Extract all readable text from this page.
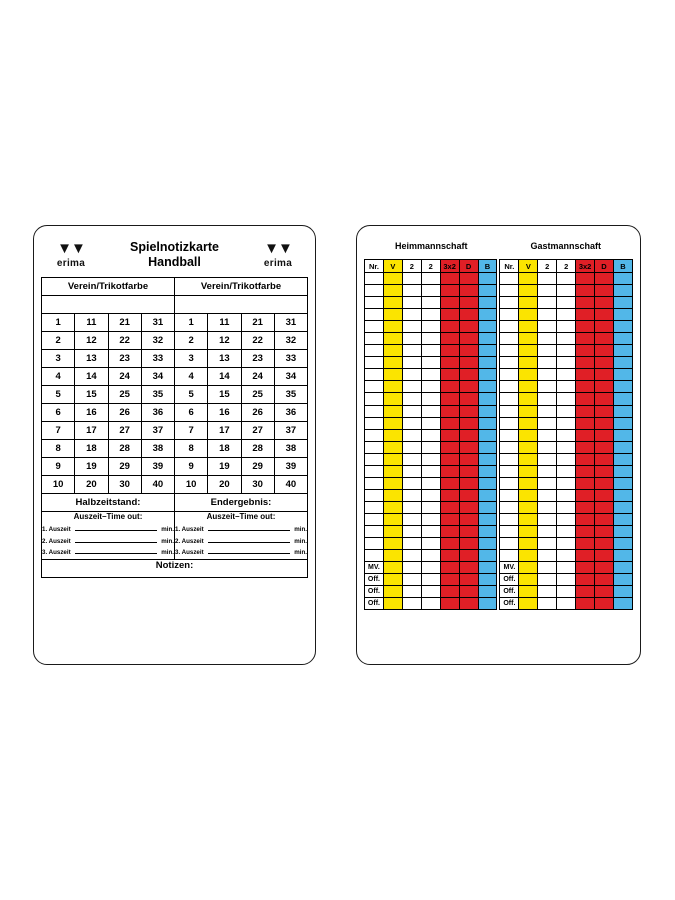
▼▼
erima
Spielnotizkarte
Handball
▼▼
erima
Verein/Trikotfarbe				Verein/Trikotfarbe			

1	11	21	31	1	11	21	31
2	12	22	32	2	12	22	32
3	13	23	33	3	13	23	33
4	14	24	34	4	14	24	34
5	15	25	35	5	15	25	35
6	16	26	36	6	16	26	36
7	17	27	37	7	17	27	37
8	18	28	38	8	18	28	38
9	19	29	39	9	19	29	39
10	20	30	40	10	20	30	40
Halbzeitstand:				Endergebnis:			

Auszeit–Time out:
1. Auszeit	min.
2. Auszeit	min.
3. Auszeit	min.

Auszeit–Time out:
1. Auszeit	min.
2. Auszeit	min.
3. Auszeit	min.

Notizen:							
Heimmannschaft	Gastmannschaft
Nr.	V	2	2	3x2	D	B		Nr.	V	2	2	3x2	D	B

MV.								MV.						
Off.								Off.						
Off.								Off.						
Off.								Off.						
